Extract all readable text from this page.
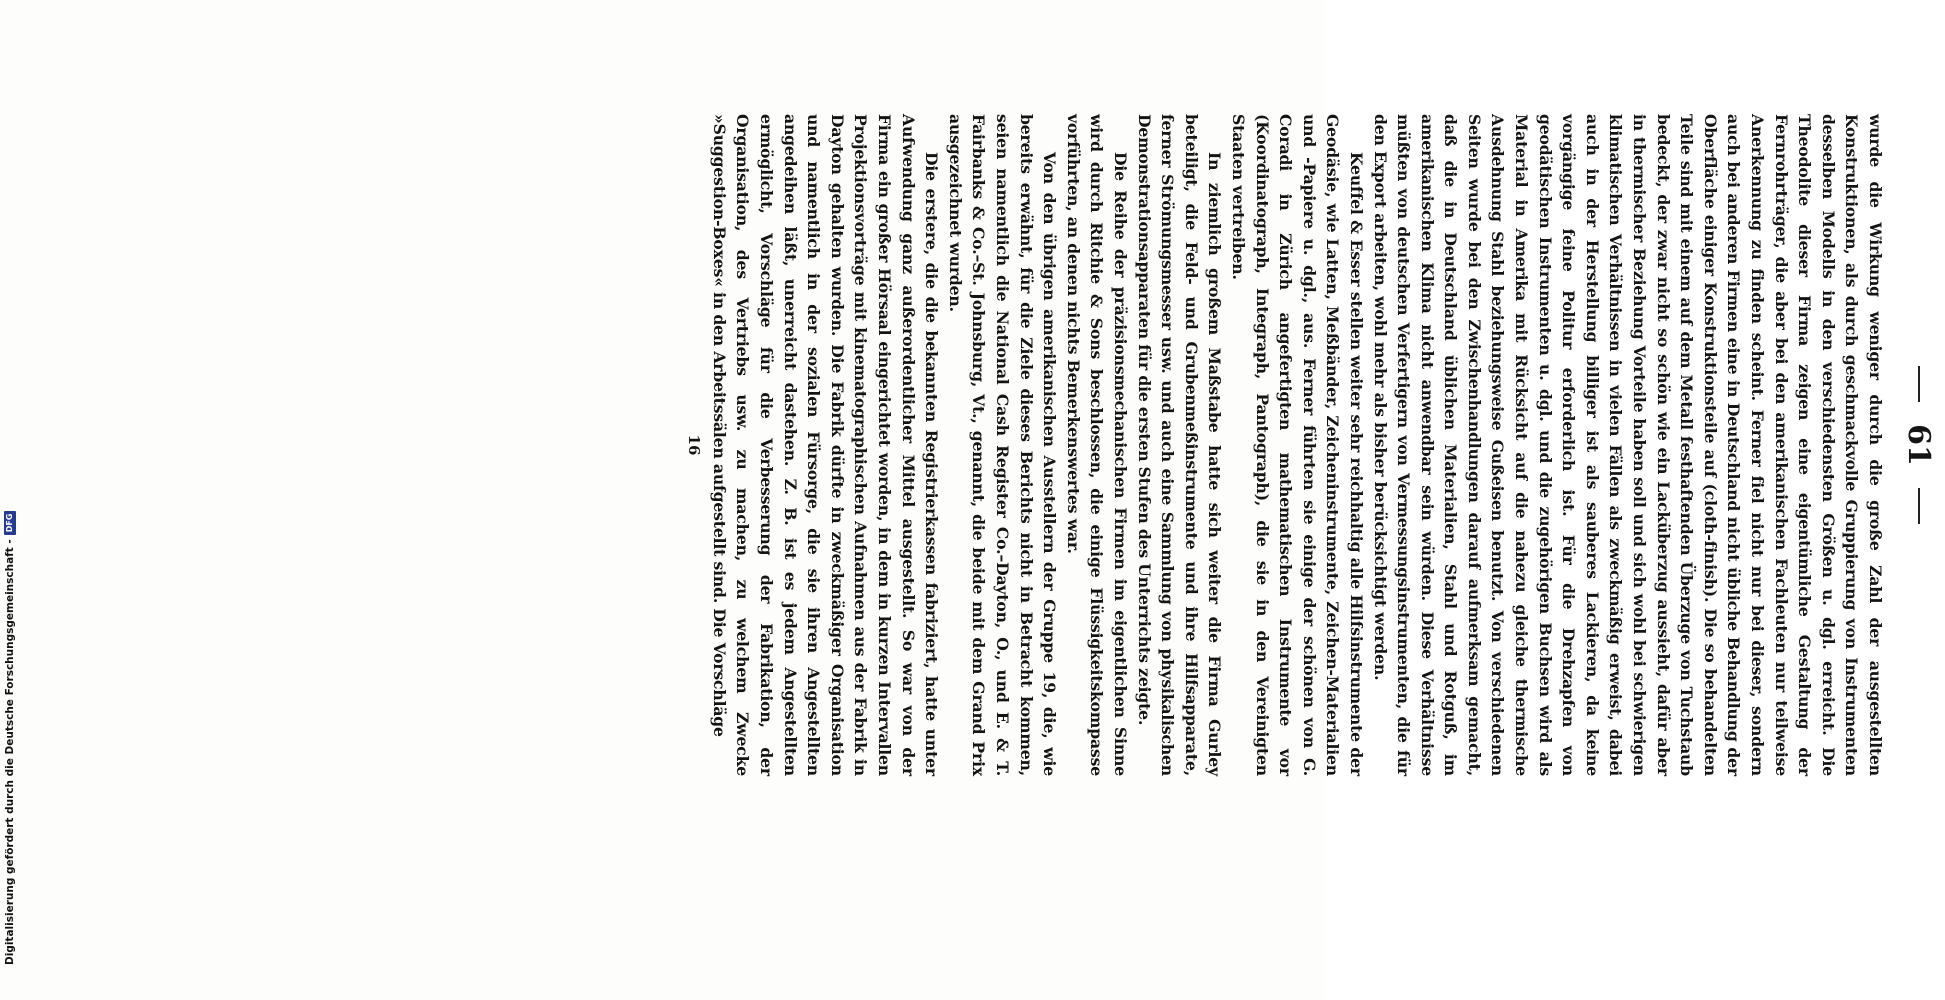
61

wurde die Wirkung weniger durch die große Zahl der ausgestellten Konstruktionen, als durch geschmackvolle Gruppierung von Instrumenten desselben Modells in den verschiedensten Größen u. dgl. erreicht. Die Theodolite dieser Firma zeigen eine eigentümliche Gestaltung der Fernrohrträger, die aber bei den amerikanischen Fachleuten nur teilweise Anerkennung zu finden scheint. Ferner fiel nicht nur bei dieser, sondern auch bei anderen Firmen eine in Deutschland nicht übliche Behandlung der Oberfläche einiger Konstruktionsteile auf (cloth-finish). Die so behandelten Teile sind mit einem auf dem Metall festhaftenden Überzuge von Tuchstaub bedeckt, der zwar nicht so schön wie ein Lacküberzug aussieht, dafür aber in thermischer Beziehung Vorteile haben soll und sich wohl bei schwierigen klimatischen Verhältnissen in vielen Fällen als zweckmäßig erweist, dabei auch in der Herstellung billiger ist als sauberes Lackieren, da keine vorgängige feine Politur erforderlich ist. Für die Drehzapfen von geodätischen Instrumenten u. dgl. und die zugehörigen Buchsen wird als Material in Amerika mit Rücksicht auf die nahezu gleiche thermische Ausdehnung Stahl beziehungsweise Gußeisen benutzt. Von verschiedenen Seiten wurde bei den Zwischenhandlungen darauf aufmerksam gemacht, daß die in Deutschland üblichen Materialien, Stahl und Rotguß, im amerikanischen Klima nicht anwendbar sein würden. Diese Verhältnisse müßten von deutschen Verfertigern von Vermessungsinstrumenten, die für den Export arbeiten, wohl mehr als bisher berücksichtigt werden.

Keuffel & Esser stellen weiter sehr reichhaltig alle Hilfsinstrumente der Geodäsie, wie Latten, Meßbänder, Zeicheninstrumente, Zeichen-Materialien und -Papiere u. dgl., aus. Ferner führten sie einige der schönen von G. Coradi in Zürich angefertigten mathematischen Instrumente vor (Koordinatograph, Integraph, Pantograph), die sie in den Vereinigten Staaten vertreiben.

In ziemlich großem Maßstabe hatte sich weiter die Firma Gurley beteiligt, die Feld- und Grubenmeßinstrumente und ihre Hilfsapparate, ferner Strömungsmesser usw. und auch eine Sammlung von physikalischen Demonstrationsapparaten für die ersten Stufen des Unterrichts zeigte.

Die Reihe der präzisionsmechanischen Firmen im eigentlichen Sinne wird durch Ritchie & Sons beschlossen, die einige Flüssigkeitskompasse vorführten, an denen nichts Bemerkenswertes war.

Von den übrigen amerikanischen Ausstellern der Gruppe 19, die, wie bereits erwähnt, für die Ziele dieses Berichts nicht in Betracht kommen, seien namentlich die National Cash Register Co.–Dayton, O., und E. & T. Fairbanks & Co.–St. Johnsburg, Vt., genannt, die beide mit dem Grand Prix ausgezeichnet wurden.

Die erstere, die die bekannten Registrierkassen fabriziert, hatte unter Aufwendung ganz außerordentlicher Mittel ausgestellt. So war von der Firma ein großer Hörsaal eingerichtet worden, in dem in kurzen Intervallen Projektionsvorträge mit kinematographischen Aufnahmen aus der Fabrik in Dayton gehalten wurden. Die Fabrik dürfte in zweckmäßiger Organisation und namentlich in der sozialen Fürsorge, die sie ihren Angestellten angedeihen läßt, unerreicht dastehen. Z. B. ist es jedem Angestellten ermöglicht, Vorschläge für die Verbesserung der Fabrikation, der Organisation, des Vertriebs usw. zu machen, zu welchem Zwecke »Suggestion-Boxes« in den Arbeitssälen aufgestellt sind. Die Vorschläge

16
Digitalisierung gefördert durch die Deutsche Forschungsgemeinschaft -
DFG
